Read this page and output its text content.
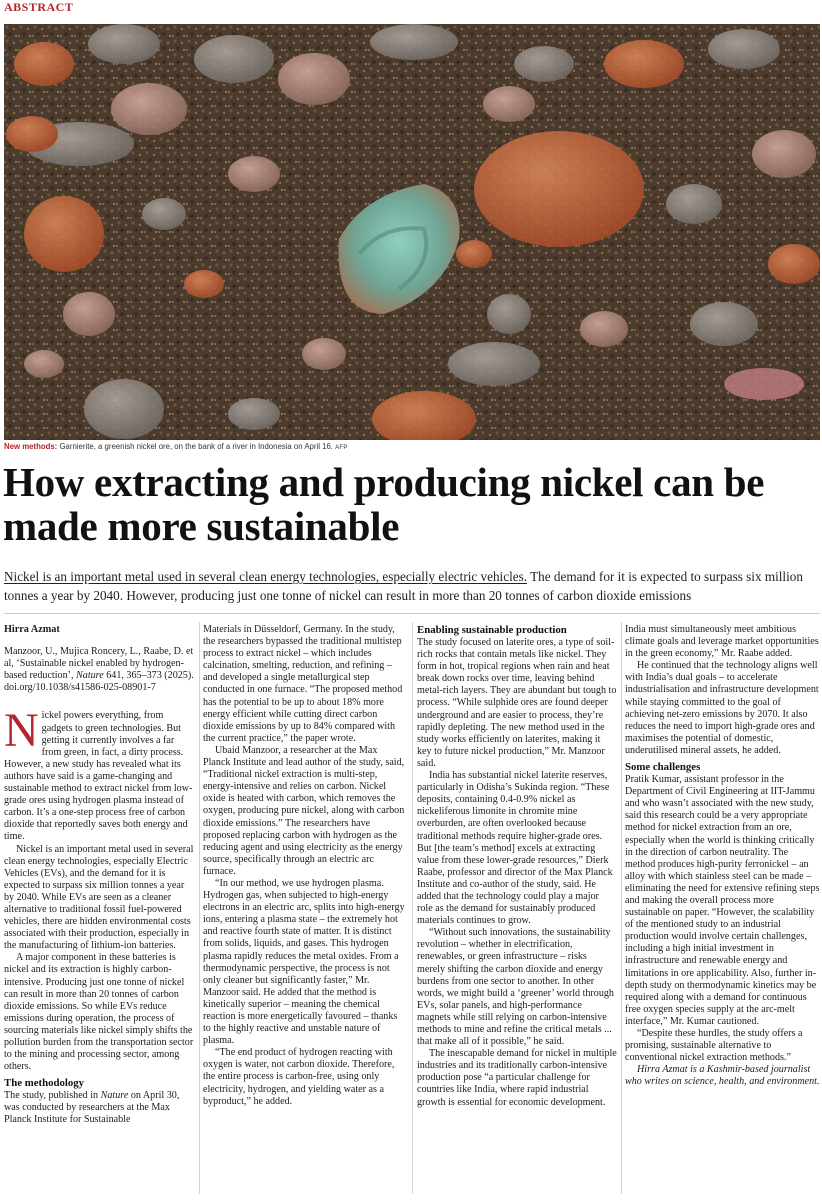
ABSTRACT
New methods: Garnierite, a greenish nickel ore, on the bank of a river in Indonesia on April 16. AFP
How extracting and producing nickel can be made more sustainable
Nickel is an important metal used in several clean energy technologies, especially electric vehicles. The demand for it is expected to surpass six million tonnes a year by 2040. However, producing just one tonne of nickel can result in more than 20 tonnes of carbon dioxide emissions
Hirra Azmat

Manzoor, U., Mujica Roncery, L., Raabe, D. et al, ‘Sustainable nickel enabled by hydrogen-based reduction’, Nature 641, 365–373 (2025). doi.org/10.1038/s41586-025-08901-7

Nickel powers everything, from gadgets to green technologies. But getting it currently involves a far from green, in fact, a dirty process. However, a new study has revealed what its authors have said is a game-changing and sustainable method to extract nickel from low-grade ores using hydrogen plasma instead of carbon. It’s a one-step process free of carbon dioxide that reportedly saves both energy and time.

Nickel is an important metal used in several clean energy technologies, especially Electric Vehicles (EVs), and the demand for it is expected to surpass six million tonnes a year by 2040. While EVs are seen as a cleaner alternative to traditional fossil fuel-powered vehicles, there are hidden environmental costs associated with their production, especially in the manufacturing of lithium-ion batteries.

A major component in these batteries is nickel and its extraction is highly carbon-intensive. Producing just one tonne of nickel can result in more than 20 tonnes of carbon dioxide emissions. So while EVs reduce emissions during operation, the process of sourcing materials like nickel simply shifts the pollution burden from the transportation sector to the mining and processing sector, among others.

The methodology

The study, published in Nature on April 30, was conducted by researchers at the Max Planck Institute for Sustainable

Materials in Düsseldorf, Germany. In the study, the researchers bypassed the traditional multistep process to extract nickel – which includes calcination, smelting, reduction, and refining – and developed a single metallurgical step conducted in one furnace. “The proposed method has the potential to be up to about 18% more energy efficient while cutting direct carbon dioxide emissions by up to 84% compared with the current practice,” the paper wrote.

Ubaid Manzoor, a researcher at the Max Planck Institute and lead author of the study, said, “Traditional nickel extraction is multi-step, energy-intensive and relies on carbon. Nickel oxide is heated with carbon, which removes the oxygen, producing pure nickel, along with carbon dioxide emissions.” The researchers have proposed replacing carbon with hydrogen as the reducing agent and using electricity as the energy source, specifically through an electric arc furnace.

“In our method, we use hydrogen plasma. Hydrogen gas, when subjected to high-energy electrons in an electric arc, splits into high-energy ions, entering a plasma state – the extremely hot and reactive fourth state of matter. It is distinct from solids, liquids, and gases. This hydrogen plasma rapidly reduces the metal oxides. From a thermodynamic perspective, the process is not only cleaner but significantly faster,” Mr. Manzoor said. He added that the method is kinetically superior – meaning the chemical reaction is more energetically favoured – thanks to the highly reactive and unstable nature of plasma.

“The end product of hydrogen reacting with oxygen is water, not carbon dioxide. Therefore, the entire process is carbon-free, using only electricity, hydrogen, and yielding water as a byproduct,” he added.

Enabling sustainable production

The study focused on laterite ores, a type of soil-rich rocks that contain metals like nickel. They form in hot, tropical regions when rain and heat break down rocks over time, leaving behind metal-rich layers. They are abundant but tough to process. “While sulphide ores are found deeper underground and are easier to process, they’re rapidly depleting. The new method used in the study works efficiently on laterites, making it key to future nickel production,” Mr. Manzoor said.

India has substantial nickel laterite reserves, particularly in Odisha’s Sukinda region. “These deposits, containing 0.4-0.9% nickel as nickeliferous limonite in chromite mine overburden, are often overlooked because traditional methods require higher-grade ores. But [the team’s method] excels at extracting value from these lower-grade resources,” Dierk Raabe, professor and director of the Max Planck Institute and co-author of the study, said. He added that the technology could play a major role as the demand for sustainably produced materials continues to grow.

“Without such innovations, the sustainability revolution – whether in electrification, renewables, or green infrastructure – risks merely shifting the carbon dioxide and energy burdens from one sector to another. In other words, we might build a ‘greener’ world through EVs, solar panels, and high-performance magnets while still relying on carbon-intensive methods to mine and refine the critical metals ... that make all of it possible,” he said.

The inescapable demand for nickel in multiple industries and its traditionally carbon-intensive production pose “a particular challenge for countries like India, where rapid industrial growth is essential for economic development.

India must simultaneously meet ambitious climate goals and leverage market opportunities in the green economy,” Mr. Raabe added.

He continued that the technology aligns well with India’s dual goals – to accelerate industrialisation and infrastructure development while staying committed to the goal of achieving net-zero emissions by 2070. It also reduces the need to import high-grade ores and maximises the potential of domestic, underutilised mineral assets, he added.

Some challenges

Pratik Kumar, assistant professor in the Department of Civil Engineering at IIT-Jammu and who wasn’t associated with the new study, said this research could be a very appropriate method for nickel extraction from an ore, especially when the world is thinking critically in the direction of carbon neutrality. The method produces high-purity ferronickel – an alloy with which stainless steel can be made – eliminating the need for extensive refining steps and making the overall process more sustainable on paper. “However, the scalability of the mentioned study to an industrial production would involve certain challenges, including a high initial investment in infrastructure and renewable energy and limitations in ore applicability. Also, further in-depth study on thermodynamic kinetics may be required along with a demand for continuous free oxygen species supply at the arc-melt interface,” Mr. Kumar cautioned.

“Despite these hurdles, the study offers a promising, sustainable alternative to conventional nickel extraction methods.”

Hirra Azmat is a Kashmir-based journalist who writes on science, health, and environment.
